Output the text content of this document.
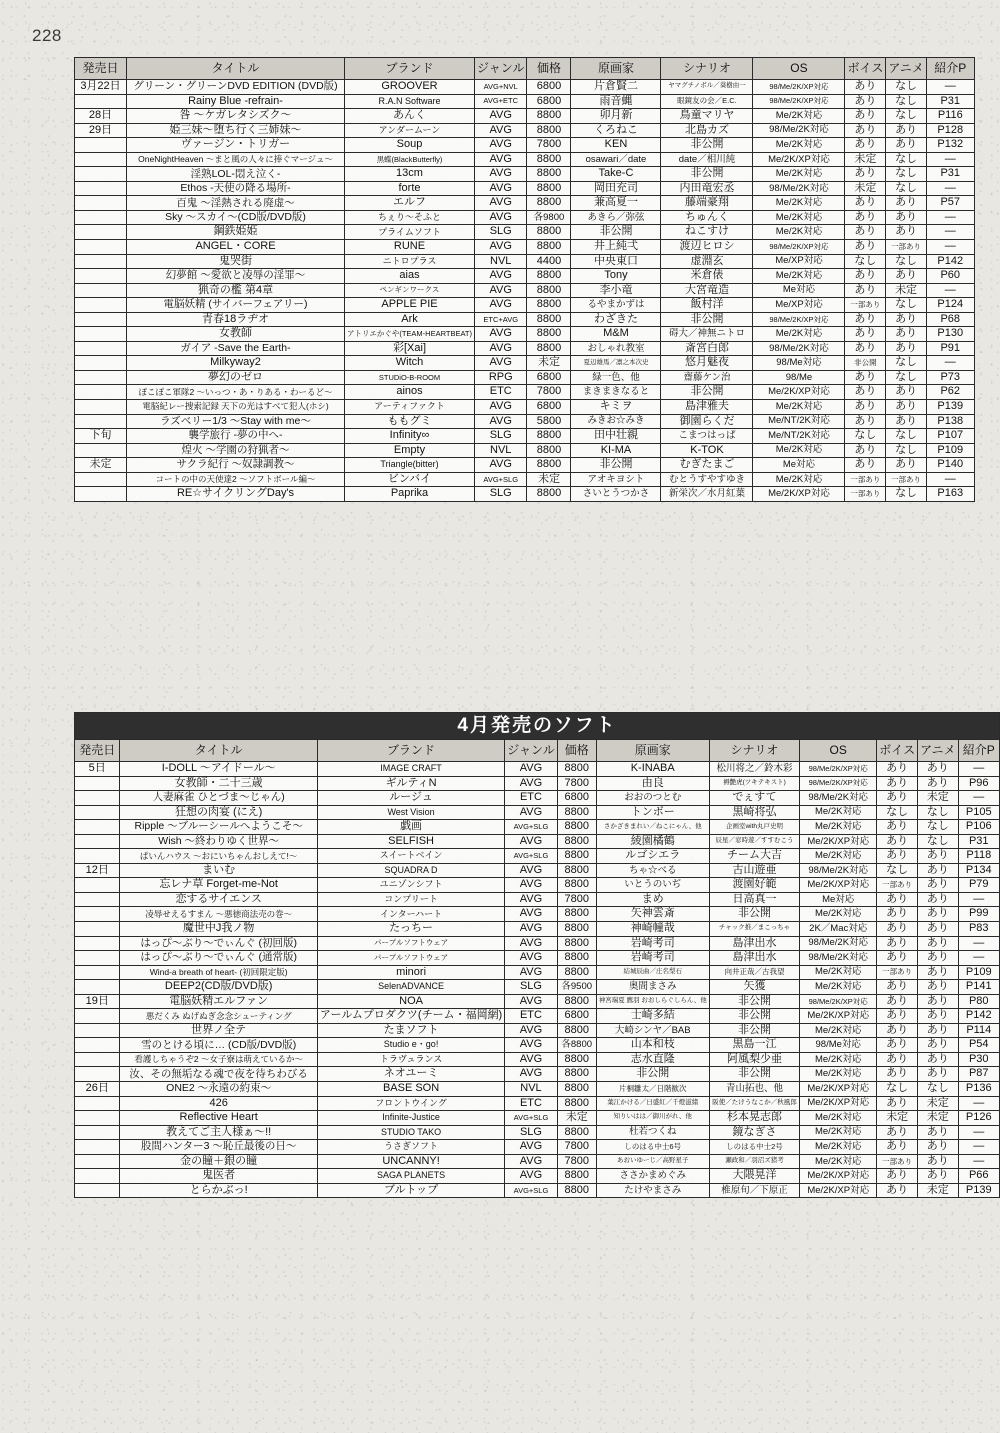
228
発売日	タイトル	ブランド	ジャンル	価格	原画家	シナリオ	OS	ボイス	アニメ	紹介P
3月22日	グリーン・グリーンDVD EDITION (DVD版)	GROOVER	AVG+NVL	6800	片倉賢二	ヤマグチノボル／葵樹由一	98/Me/2K/XP対応	あり	なし	—
	Rainy Blue -refrain-	R.A.N Software	AVG+ETC	6800	雨音蝿	眼鏡友の会／E.C.	98/Me/2K/XP対応	あり	なし	P31
28日	咎 ～ケガレタシズク～	あんく	AVG	8800	卯月新	鳥童マリヤ	Me/2K対応	あり	なし	P116
29日	姫三妹～堕ち行く三姉妹～	アンダームーン	AVG	8800	くろねこ	北島カズ	98/Me/2K対応	あり	あり	P128
	ヴァージン・トリガー	Soup	AVG	7800	KEN	非公開	Me/2K対応	あり	あり	P132
	OneNightHeaven ～まと風の人々に捧ぐマージュ～	黒蝶(BlackButterfly)	AVG	8800	osawari／date	date／相川純	Me/2K/XP対応	未定	なし	—
	淫熟LOL-悶え泣く-	13cm	AVG	8800	Take-C	非公開	Me/2K対応	あり	なし	P31
	Ethos -天使の降る場所-	forte	AVG	8800	岡田充司	内田竜宏丞	98/Me/2K対応	未定	なし	—
	百鬼 ～淫熱される廃虚～	エルフ	AVG	8800	兼高夏一	藤端豪翔	Me/2K対応	あり	あり	P57
	Sky ～スカイ～(CD版/DVD版)	ちぇり～そふと	AVG	各9800	あきら／弥弦	ちゅんく	Me/2K対応	あり	あり	—
	鋼鉄姫姫	プライムソフト	SLG	8800	非公開	ねこすけ	Me/2K対応	あり	あり	—
	ANGEL・CORE	RUNE	AVG	8800	井上純弌	渡辺ヒロシ	98/Me/2K/XP対応	あり	一部あり	—
	鬼哭街	ニトロプラス	NVL	4400	中央東口	虚淵玄	Me/XP対応	なし	なし	P142
	幻夢館 ～愛欲と凌辱の淫罪～	aias	AVG	8800	Tony	米倉俵	Me/2K対応	あり	あり	P60
	猟奇の檻 第4章	ペンギンワークス	AVG	8800	李小竜	大宮竜造	Me対応	あり	未定	—
	電脳妖精 (サイバーフェアリー)	APPLE PIE	AVG	8800	るやまかずは	飯村洋	Me/XP対応	一部あり	なし	P124
	青春18ラヂオ	Ark	ETC+AVG	8800	わざきた	非公開	98/Me/2K/XP対応	あり	あり	P68
	女教師	アトリエかぐや(TEAM-HEARTBEAT)	AVG	8800	M&M	碍大／神無ニトロ	Me/2K対応	あり	あり	P130
	ガイア -Save the Earth-	彩[Xai]	AVG	8800	おしゃれ教室	斎宮白郎	98/Me/2K対応	あり	あり	P91
	Milkyway2	Witch	AVG	未定	夏辺雄馬／凛之本次史	悠月魅夜	98/Me対応	非公開	なし	—
	夢幻のゼロ	STUDiO-B-ROOM	RPG	6800	緑一色、他	齋藤ケン治	98/Me	あり	なし	P73
	ぽこぽこ軍隊2 ～いっつ・あ・りある・わーるど～	ainos	ETC	7800	まきまきなると	非公開	Me/2K/XP対応	あり	あり	P62
	電脳紀レー捜索記録 天下の光はすべて犯人(ホシ)	アーティファクト	AVG	6800	キミヲ	島津雅夫	Me/2K対応	あり	あり	P139
	ラズベリー1/3 ～Stay with me～	ももグミ	AVG	5800	みきお☆みき	御園らくだ	Me/NT/2K対応	あり	あり	P138
下旬	襲学旅行 -夢の中へ-	Infinity∞	SLG	8800	田中壮親	こまつはっぱ	Me/NT/2K対応	なし	なし	P107
	煌火 ～学園の狩猟者～	Empty	NVL	8800	KI-MA	K-TOK	Me/2K対応	あり	なし	P109
未定	サクラ紀行 ～奴隷調教～	Triangle(bitter)	AVG	8800	非公開	むぎたまご	Me対応	あり	あり	P140
	コートの中の天使達2 ～ソフトボール編～	ビンバイ	AVG+SLG	未定	アオキヨシト	むとうすやすゆき	Me/2K対応	一部あり	一部あり	—
	RE☆サイクリングDay's	Paprika	SLG	8800	さいとうつかさ	新栄次／水月紅葉	Me/2K/XP対応	一部あり	なし	P163
4月発売のソフト
発売日	タイトル	ブランド	ジャンル	価格	原画家	シナリオ	OS	ボイス	アニメ	紹介P
5日	I-DOLL ～アイドール～	IMAGE CRAFT	AVG	8800	K-INABA	松川将之／鈴木彩	98/Me/2K/XP対応	あり	あり	—
	女教師・二十三歳	ギルティN	AVG	7800	由良	褥艶虎(ツキテキスト)	98/Me/2K/XP対応	あり	あり	P96
	人妻麻雀 ひとづま～じゃん)	ルージュ	ETC	6800	おおのつとむ	でぇすて	98/Me/2K対応	あり	未定	—
	狂想の肉宴 (にえ)	West Vision	AVG	8800	トンボー	黒崎将弘	Me/2K対応	なし	なし	P105
	Ripple ～ブルーシールへようこそ～	戯画	AVG+SLG	8800	さかざきまれい／ねこにゃん、他	企画室with丸戸史明	Me/2K対応	あり	なし	P106
	Wish ～終わりゆく世界～	SELFISH	AVG	8800	綾園橘鶴	辰星／窓時遊／すすむこう	Me/2K/XP対応	あり	なし	P31
	ぱいんハウス ～おにいちゃんおしえて!～	スイートベイン	AVG+SLG	8800	ルゴシエラ	チーム大吉	Me/2K対応	あり	あり	P118
12日	まいむ	SQUADRA D	AVG	8800	ちゃ☆べる	古山遊亜	98/Me/2K対応	なし	あり	P134
	忘レナ草 Forget-me-Not	ユニゾンシフト	AVG	8800	いとうのいぢ	渡園好範	Me/2K/XP対応	一部あり	あり	P79
	恋するサイエンス	コンプリート	AVG	7800	まめ	日高真一	Me対応	あり	あり	—
	凌辱せえるすまん ～悪徳商法売の巻～	インターハート	AVG	8800	矢神雲斎	非公開	Me/2K対応	あり	あり	P99
	魔世中J我ノ物	たっちー	AVG	8800	神崎幢哉	チャック推／まこっちゃ	2K／Mac対応	あり	あり	P83
	はっぴ～ぶり～でぃんぐ (初回版)	パープルソフトウェア	AVG	8800	岩崎考司	島津出水	98/Me/2K対応	あり	あり	—
	はっぴ～ぶり～でぃんぐ (通常版)	パープルソフトウェア	AVG	8800	岩崎考司	島津出水	98/Me/2K対応	あり	あり	—
	Wind-a breath of heart- (初回限定版)	minori	AVG	8800	結城辰曲／庄名梨石	向井正哉／古我望	Me/2K対応	一部あり	あり	P109
	DEEP2(CD版/DVD版)	SelenADVANCE	SLG	各9500	奥間まさみ	矢獲	Me/2K対応	あり	あり	P141
19日	電脳妖精エルファン	NOA	AVG	8800	神宮瑞夏 鷹羽 おおしらぐしらん、他	非公開	98/Me/2K/XP対応	あり	あり	P80
	悪だくみ ぬげぬぎ念念シューティング	アールムプロダクツ(チーム・福岡網)	ETC	6800	士崎多結	非公開	Me/2K/XP対応	あり	あり	P142
	世界ノ全テ	たまソフト	AVG	8800	大崎シンヤ／BAB	非公開	Me/2K対応	あり	あり	P114
	雪のとける頃に… (CD版/DVD版)	Studio e・go!	AVG	各8800	山本和枝	黒島一江	98/Me対応	あり	あり	P54
	看護しちゃうぞ2 ～女子寮は萌えているか～	トラヴュランス	AVG	8800	志水直隆	阿風梨少亜	Me/2K対応	あり	あり	P30
	汝、その無垢なる魂で夜を待ちわびる	ネオユーミ	AVG	8800	非公開	非公開	Me/2K対応	あり	あり	P87
26日	ONE2 ～永遠の約束～	BASE SON	NVL	8800	片桐雛太／日階歓次	青山拓也、他	Me/2K/XP対応	なし	なし	P136
	426	フロントウイング	ETC	8800	葉江かける／日盛紅／千燈滋緒	阪使／たけうなこか／秋風郎	Me/2K/XP対応	あり	未定	—
	Reflective Heart	Infinite-Justice	AVG+SLG	未定	知りいはは／御川がれ、他	杉本晃志郎	Me/2K対応	未定	未定	P126
	教えてご主人様ぁ～!!	STUDIO TAKO	SLG	8800	杜若つくね	鏡なぎさ	Me/2K対応	あり	あり	—
	股間ハンター3 ～恥丘最後の日～	うさぎソフト	AVG	7800	しのはる中士6号	しのはる中士2号	Me/2K対応	あり	あり	—
	金の瞳＋銀の瞳	UNCANNY!	AVG	7800	あおいゆーじ／高野星子	瀬政和／羽沼ズ猪考	Me/2K対応	一部あり	あり	—
	鬼医者	SAGA PLANETS	AVG	8800	ささかまめぐみ	大隈晃洋	Me/2K/XP対応	あり	あり	P66
	とらかぶっ!	ブルトップ	AVG+SLG	8800	たけやまさみ	椎原旬／下原正	Me/2K/XP対応	あり	未定	P139
